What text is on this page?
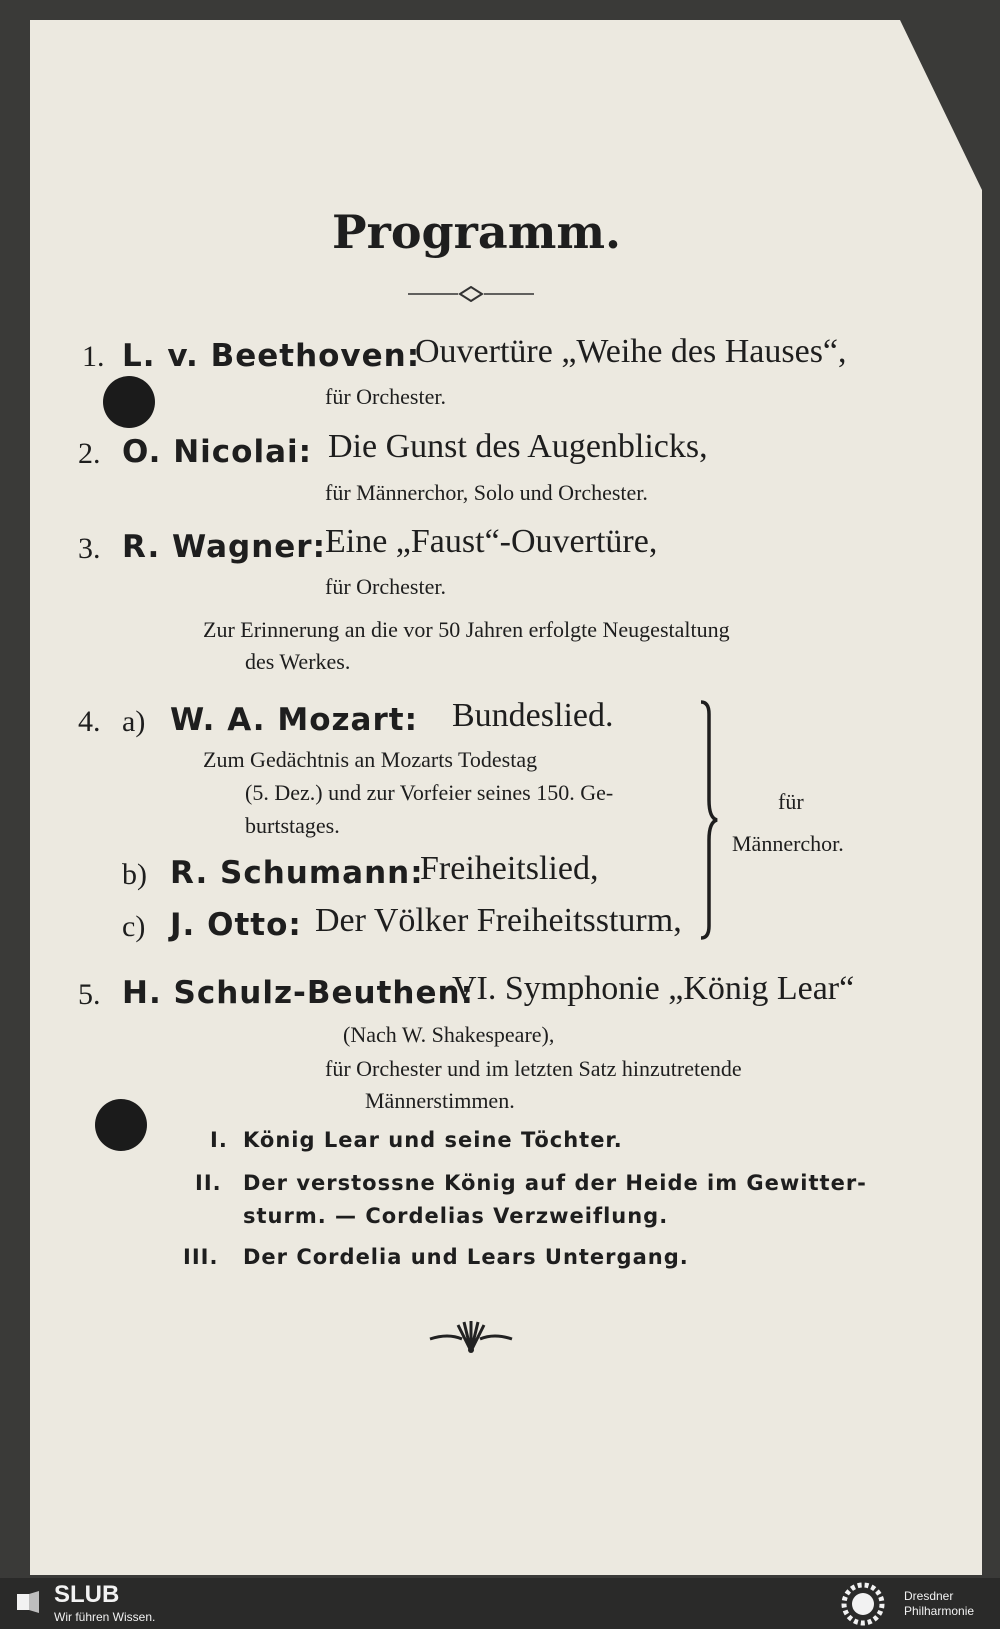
Programm.
1. L. v. Beethoven:
Ouvertüre „Weihe des Hauses“,
für Orchester.
2. O. Nicolai: Die Gunst des Augenblicks,
für Männerchor, Solo und Orchester.
3. R. Wagner: Eine „Faust“-Ouvertüre,
für Orchester.
Zur Erinnerung an die vor 50 Jahren erfolgte Neugestaltung
des Werkes.
4. a) W. A. Mozart: Bundeslied.
Zum Gedächtnis an Mozarts Todestag
(5. Dez.) und zur Vorfeier seines 150. Ge-
burtstages.
b) R. Schumann:
Freiheitslied,
c) J. Otto: Der Völker Freiheitssturm,
für
Männerchor.
5. H. Schulz-Beuthen:
VI. Symphonie „König Lear“
(Nach W. Shakespeare),
für Orchester und im letzten Satz hinzutretende
Männerstimmen.
I. König Lear und seine Töchter.
II. Der verstossne König auf der Heide im Gewitter-
sturm. — Cordelias Verzweiflung.
III. Der Cordelia und Lears Untergang.
SLUB
Wir führen Wissen.
Dresdner
Philharmonie
